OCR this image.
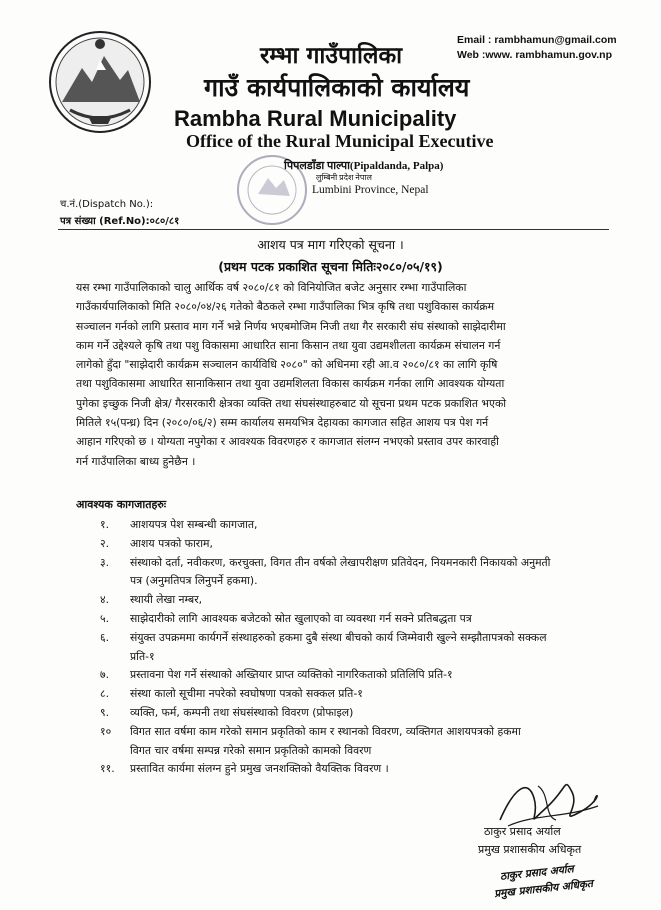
Email : rambhamun@gmail.com
Web :www. rambhamun.gov.np
रम्भा गाउँपालिका
गाउँ कार्यपालिकाको कार्यालय
Rambha Rural Municipality
Office of the Rural Municipal Executive
पिपलडाँडा पाल्पा(Pipaldanda, Palpa)
लुम्बिनी प्रदेश नेपाल
Lumbini Province, Nepal
च.नं.(Dispatch No.):
पत्र संख्या (Ref.No):०८०/८१
आशय पत्र माग गरिएको सूचना ।
(प्रथम पटक प्रकाशित सूचना मितिः२०८०/०५/१९)
यस रम्भा गाउँपालिकाको चालु आर्थिक वर्ष २०८०/८१ को विनियोजित बजेट अनुसार रम्भा गाउँपालिका
गाउँकार्यपालिकाको मिति २०८०/०४/२६ गतेको बैठकले रम्भा गाउँपालिका भित्र कृषि तथा पशुविकास कार्यक्रम
सञ्चालन गर्नको लागि प्रस्ताव माग गर्ने भन्ने निर्णय भएबमोजिम निजी तथा गैर सरकारी संघ संस्थाको साझेदारीमा
काम गर्ने उद्देश्यले कृषि तथा पशु विकासमा आधारित साना किसान तथा युवा उद्यमशीलता कार्यक्रम संचालन गर्न
लागेको हुँदा "साझेदारी कार्यक्रम सञ्चालन कार्यविधि २०८०" को अधिनमा रही आ.व २०८०/८१ का लागि कृषि
तथा पशुविकासमा आधारित सानाकिसान तथा युवा उद्यमशिलता विकास कार्यक्रम गर्नका लागि आवश्यक योग्यता
पुगेका इच्छुक निजी क्षेत्र/ गैरसरकारी क्षेत्रका व्यक्ति तथा संघसंस्थाहरुबाट यो सूचना प्रथम पटक प्रकाशित भएको
मितिले १५(पन्ध्र) दिन (२०८०/०६/२) सम्म कार्यालय समयभित्र देहायका कागजात सहित आशय पत्र पेश गर्न
आहान गरिएको छ । योग्यता नपुगेका र आवश्यक विवरणहरु र कागजात संलग्न नभएको प्रस्ताव उपर कारवाही
गर्न गाउँपालिका बाध्य हुनेछैन ।
आवश्यक कागजातहरुः
१.	आशयपत्र पेश सम्बन्धी कागजात,
२.	आशय पत्रको फाराम,
३.	संस्थाको दर्ता, नवीकरण, करचुक्ता, विगत तीन वर्षको लेखापरीक्षण प्रतिवेदन, नियमनकारी निकायको अनुमती
पत्र (अनुमतिपत्र लिनुपर्ने हकमा).
४.	स्थायी लेखा नम्बर,
५.	साझेदारीको लागि आवश्यक बजेटको स्रोत खुलाएको वा व्यवस्था गर्न सक्ने प्रतिबद्धता पत्र
६.	संयुक्त उपक्रममा कार्यगर्ने संस्थाहरुको हकमा दुबै संस्था बीचको कार्य जिम्मेवारी खुल्ने सम्झौतापत्रको सक्कल
प्रति-१
७.	प्रस्तावना पेश गर्ने संस्थाको अख्तियार प्राप्त व्यक्तिको नागरिकताको प्रतिलिपि प्रति-१
८.	संस्था कालो सूचीमा नपरेको स्वघोषणा पत्रको सक्कल प्रति-१
९.	व्यक्ति, फर्म, कम्पनी तथा संघसंस्थाको विवरण (प्रोफाइल)
१०	विगत सात वर्षमा काम गरेको समान प्रकृतिको काम र स्थानको विवरण, व्यक्तिगत आशयपत्रको हकमा
विगत चार वर्षमा सम्पन्न गरेको समान प्रकृतिको कामको विवरण
११.	प्रस्तावित कार्यमा संलग्न हुने प्रमुख जनशक्तिको वैयक्तिक विवरण ।
ठाकुर प्रसाद अर्याल
प्रमुख प्रशासकीय अधिकृत
ठाकुर प्रसाद अर्याल
प्रमुख प्रशासकीय अधिकृत
